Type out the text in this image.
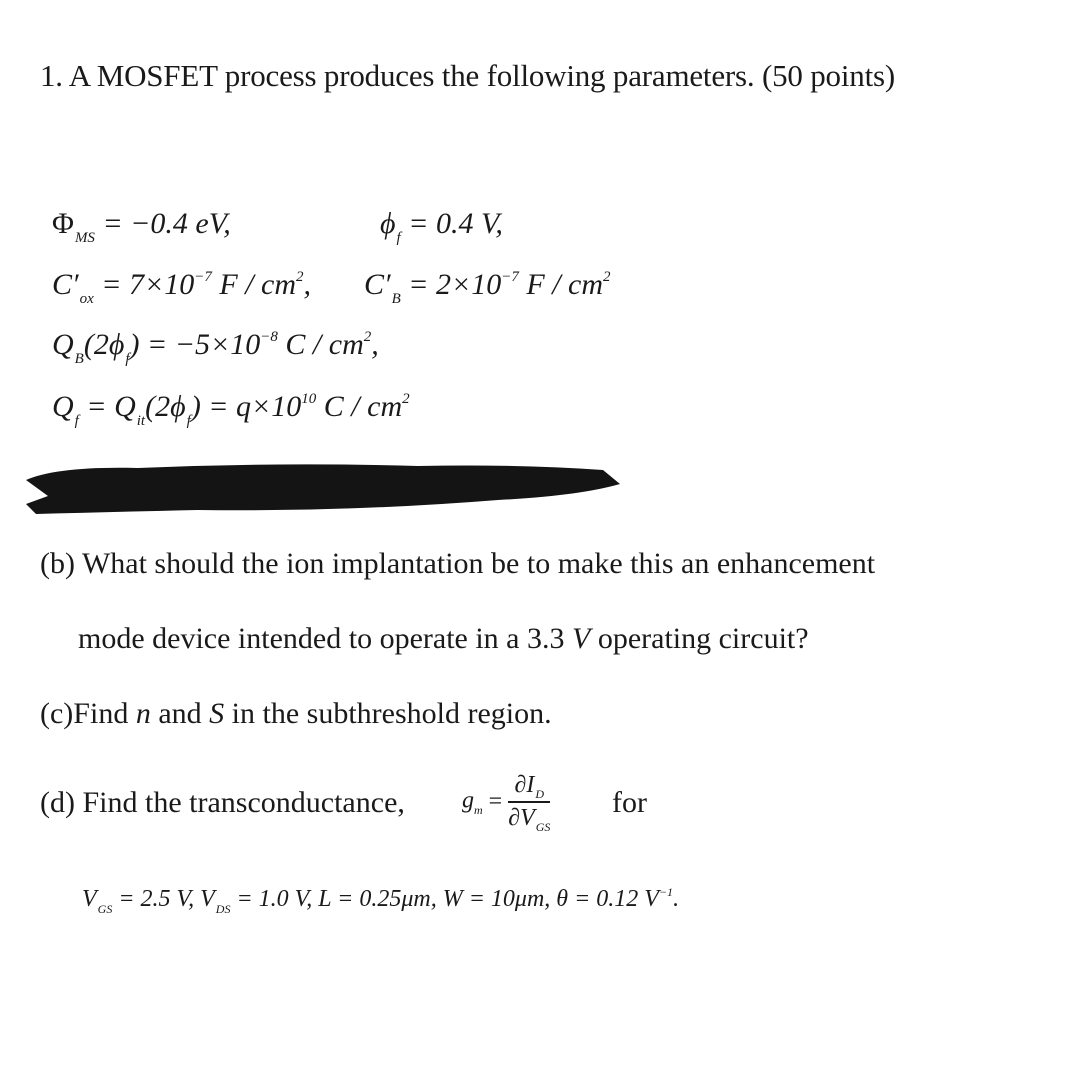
1. A MOSFET process produces the following parameters. (50 points)
$\Phi_{MS} = -0.4$ eV,	$\phi_f = 0.4$ V,
$C'_{ox} = 7\times 10^{-7}$ F / $cm^2$, $C'_B = 2\times 10^{-7}$ F / $cm^2$
$Q_B(2\phi_f) = -5\times 10^{-8}$ C / $cm^2$,
$Q_f = Q_{it}(2\phi_f) = q\times 10^{10}$ C / $cm^2$
(b) What should the ion implantation be to make this an enhancement
mode device intended to operate in a 3.3 V operating circuit?
(c)Find n and S in the subthreshold region.
(d) Find the transconductance, $g_m = \frac{\partial I_D}{\partial V_{GS}}$ for
$V_{GS} = 2.5$ V, $V_{DS} = 1.0$ V, L = 0.25μm, W = 10μm, θ = 0.12 $V^{-1}$.
